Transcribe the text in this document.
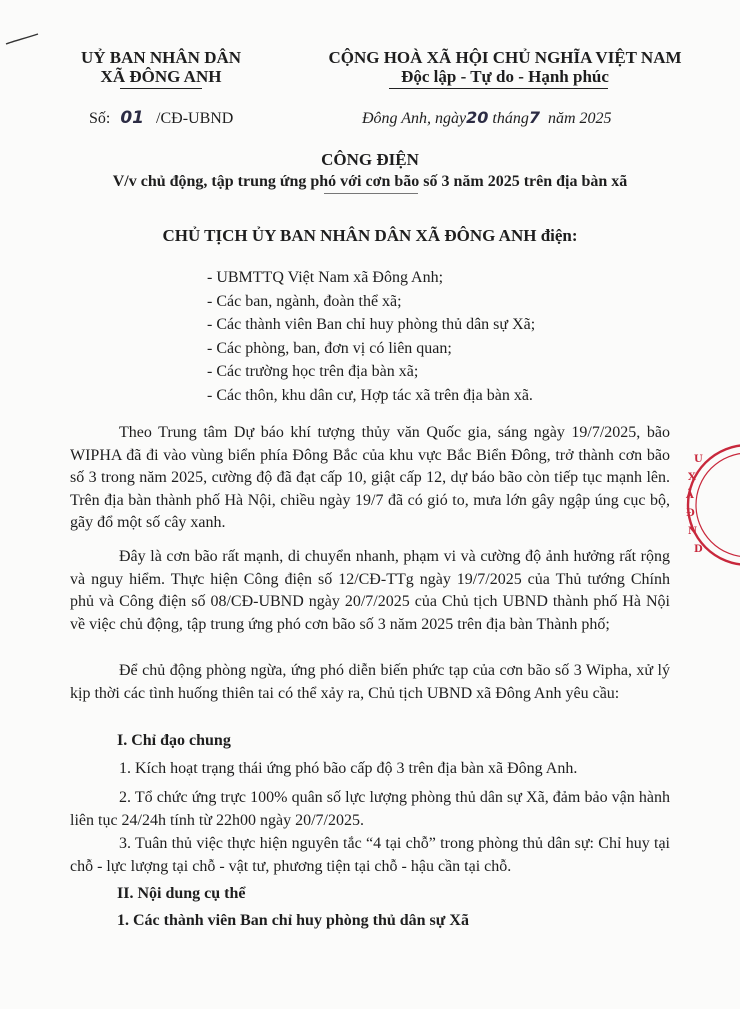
UỶ BAN NHÂN DÂN
XÃ ĐÔNG ANH
CỘNG HOÀ XÃ HỘI CHỦ NGHĨA VIỆT NAM
Độc lập - Tự do - Hạnh phúc
Số: 01 /CĐ-UBND	Đông Anh, ngày20 tháng7 năm 2025
CÔNG ĐIỆN
V/v chủ động, tập trung ứng phó với cơn bão số 3 năm 2025 trên địa bàn xã
CHỦ TỊCH ỦY BAN NHÂN DÂN XÃ ĐÔNG ANH điện:
- UBMTTQ Việt Nam xã Đông Anh;
- Các ban, ngành, đoàn thể xã;
- Các thành viên Ban chỉ huy phòng thủ dân sự Xã;
- Các phòng, ban, đơn vị có liên quan;
- Các trường học trên địa bàn xã;
- Các thôn, khu dân cư, Hợp tác xã trên địa bàn xã.
Theo Trung tâm Dự báo khí tượng thủy văn Quốc gia, sáng ngày 19/7/2025, bão WIPHA đã đi vào vùng biển phía Đông Bắc của khu vực Bắc Biển Đông, trở thành cơn bão số 3 trong năm 2025, cường độ đã đạt cấp 10, giật cấp 12, dự báo bão còn tiếp tục mạnh lên. Trên địa bàn thành phố Hà Nội, chiều ngày 19/7 đã có gió to, mưa lớn gây ngập úng cục bộ, gãy đổ một số cây xanh.
Đây là cơn bão rất mạnh, di chuyển nhanh, phạm vi và cường độ ảnh hưởng rất rộng và nguy hiểm. Thực hiện Công điện số 12/CĐ-TTg ngày 19/7/2025 của Thủ tướng Chính phủ và Công điện số 08/CĐ-UBND ngày 20/7/2025 của Chủ tịch UBND thành phố Hà Nội về việc chủ động, tập trung ứng phó cơn bão số 3 năm 2025 trên địa bàn Thành phố;
Để chủ động phòng ngừa, ứng phó diễn biến phức tạp của cơn bão số 3 Wipha, xử lý kịp thời các tình huống thiên tai có thể xảy ra, Chủ tịch UBND xã Đông Anh yêu cầu:
I. Chỉ đạo chung
1. Kích hoạt trạng thái ứng phó bão cấp độ 3 trên địa bàn xã Đông Anh.
2. Tổ chức ứng trực 100% quân số lực lượng phòng thủ dân sự Xã, đảm bảo vận hành liên tục 24/24h tính từ 22h00 ngày 20/7/2025.
3. Tuân thủ việc thực hiện nguyên tắc “4 tại chỗ” trong phòng thủ dân sự: Chỉ huy tại chỗ - lực lượng tại chỗ - vật tư, phương tiện tại chỗ - hậu cần tại chỗ.
II. Nội dung cụ thể
1. Các thành viên Ban chỉ huy phòng thủ dân sự Xã
U
X
Ã
Đ
N
D
